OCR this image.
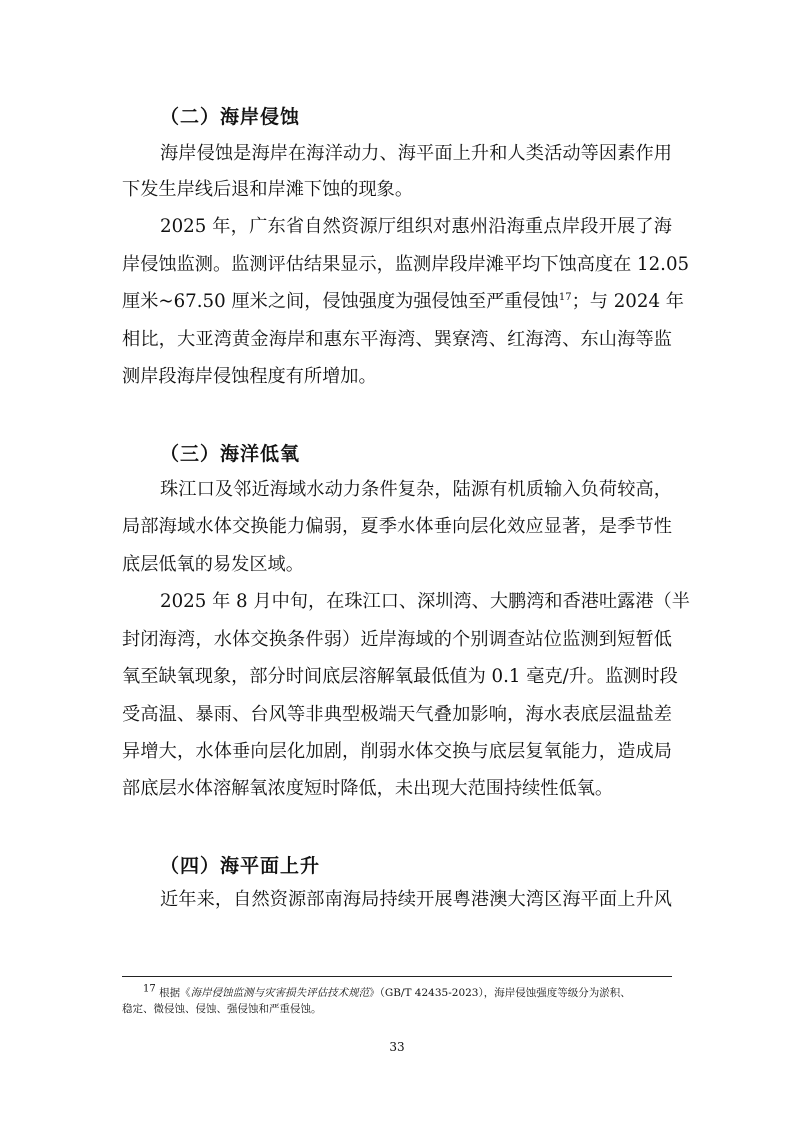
（二）海岸侵蚀
海岸侵蚀是海岸在海洋动力、海平面上升和人类活动等因素作用
下发生岸线后退和岸滩下蚀的现象。
2025 年，广东省自然资源厅组织对惠州沿海重点岸段开展了海
岸侵蚀监测。监测评估结果显示，监测岸段岸滩平均下蚀高度在 12.05
厘米~67.50 厘米之间，侵蚀强度为强侵蚀至严重侵蚀$^{17}$；与 2024 年
相比，大亚湾黄金海岸和惠东平海湾、巽寮湾、红海湾、东山海等监
测岸段海岸侵蚀程度有所增加。
（三）海洋低氧
珠江口及邻近海域水动力条件复杂，陆源有机质输入负荷较高，
局部海域水体交换能力偏弱，夏季水体垂向层化效应显著，是季节性
底层低氧的易发区域。
2025 年 8 月中旬，在珠江口、深圳湾、大鹏湾和香港吐露港（半
封闭海湾，水体交换条件弱）近岸海域的个别调查站位监测到短暂低
氧至缺氧现象，部分时间底层溶解氧最低值为 0.1 毫克/升。监测时段
受高温、暴雨、台风等非典型极端天气叠加影响，海水表底层温盐差
异增大，水体垂向层化加剧，削弱水体交换与底层复氧能力，造成局
部底层水体溶解氧浓度短时降低，未出现大范围持续性低氧。
（四）海平面上升
近年来，自然资源部南海局持续开展粤港澳大湾区海平面上升风
$^{17}$ 根据《海岸侵蚀监测与灾害损失评估技术规范》（GB/T 42435-2023），海岸侵蚀强度等级分为淤积、
稳定、微侵蚀、侵蚀、强侵蚀和严重侵蚀。
33
